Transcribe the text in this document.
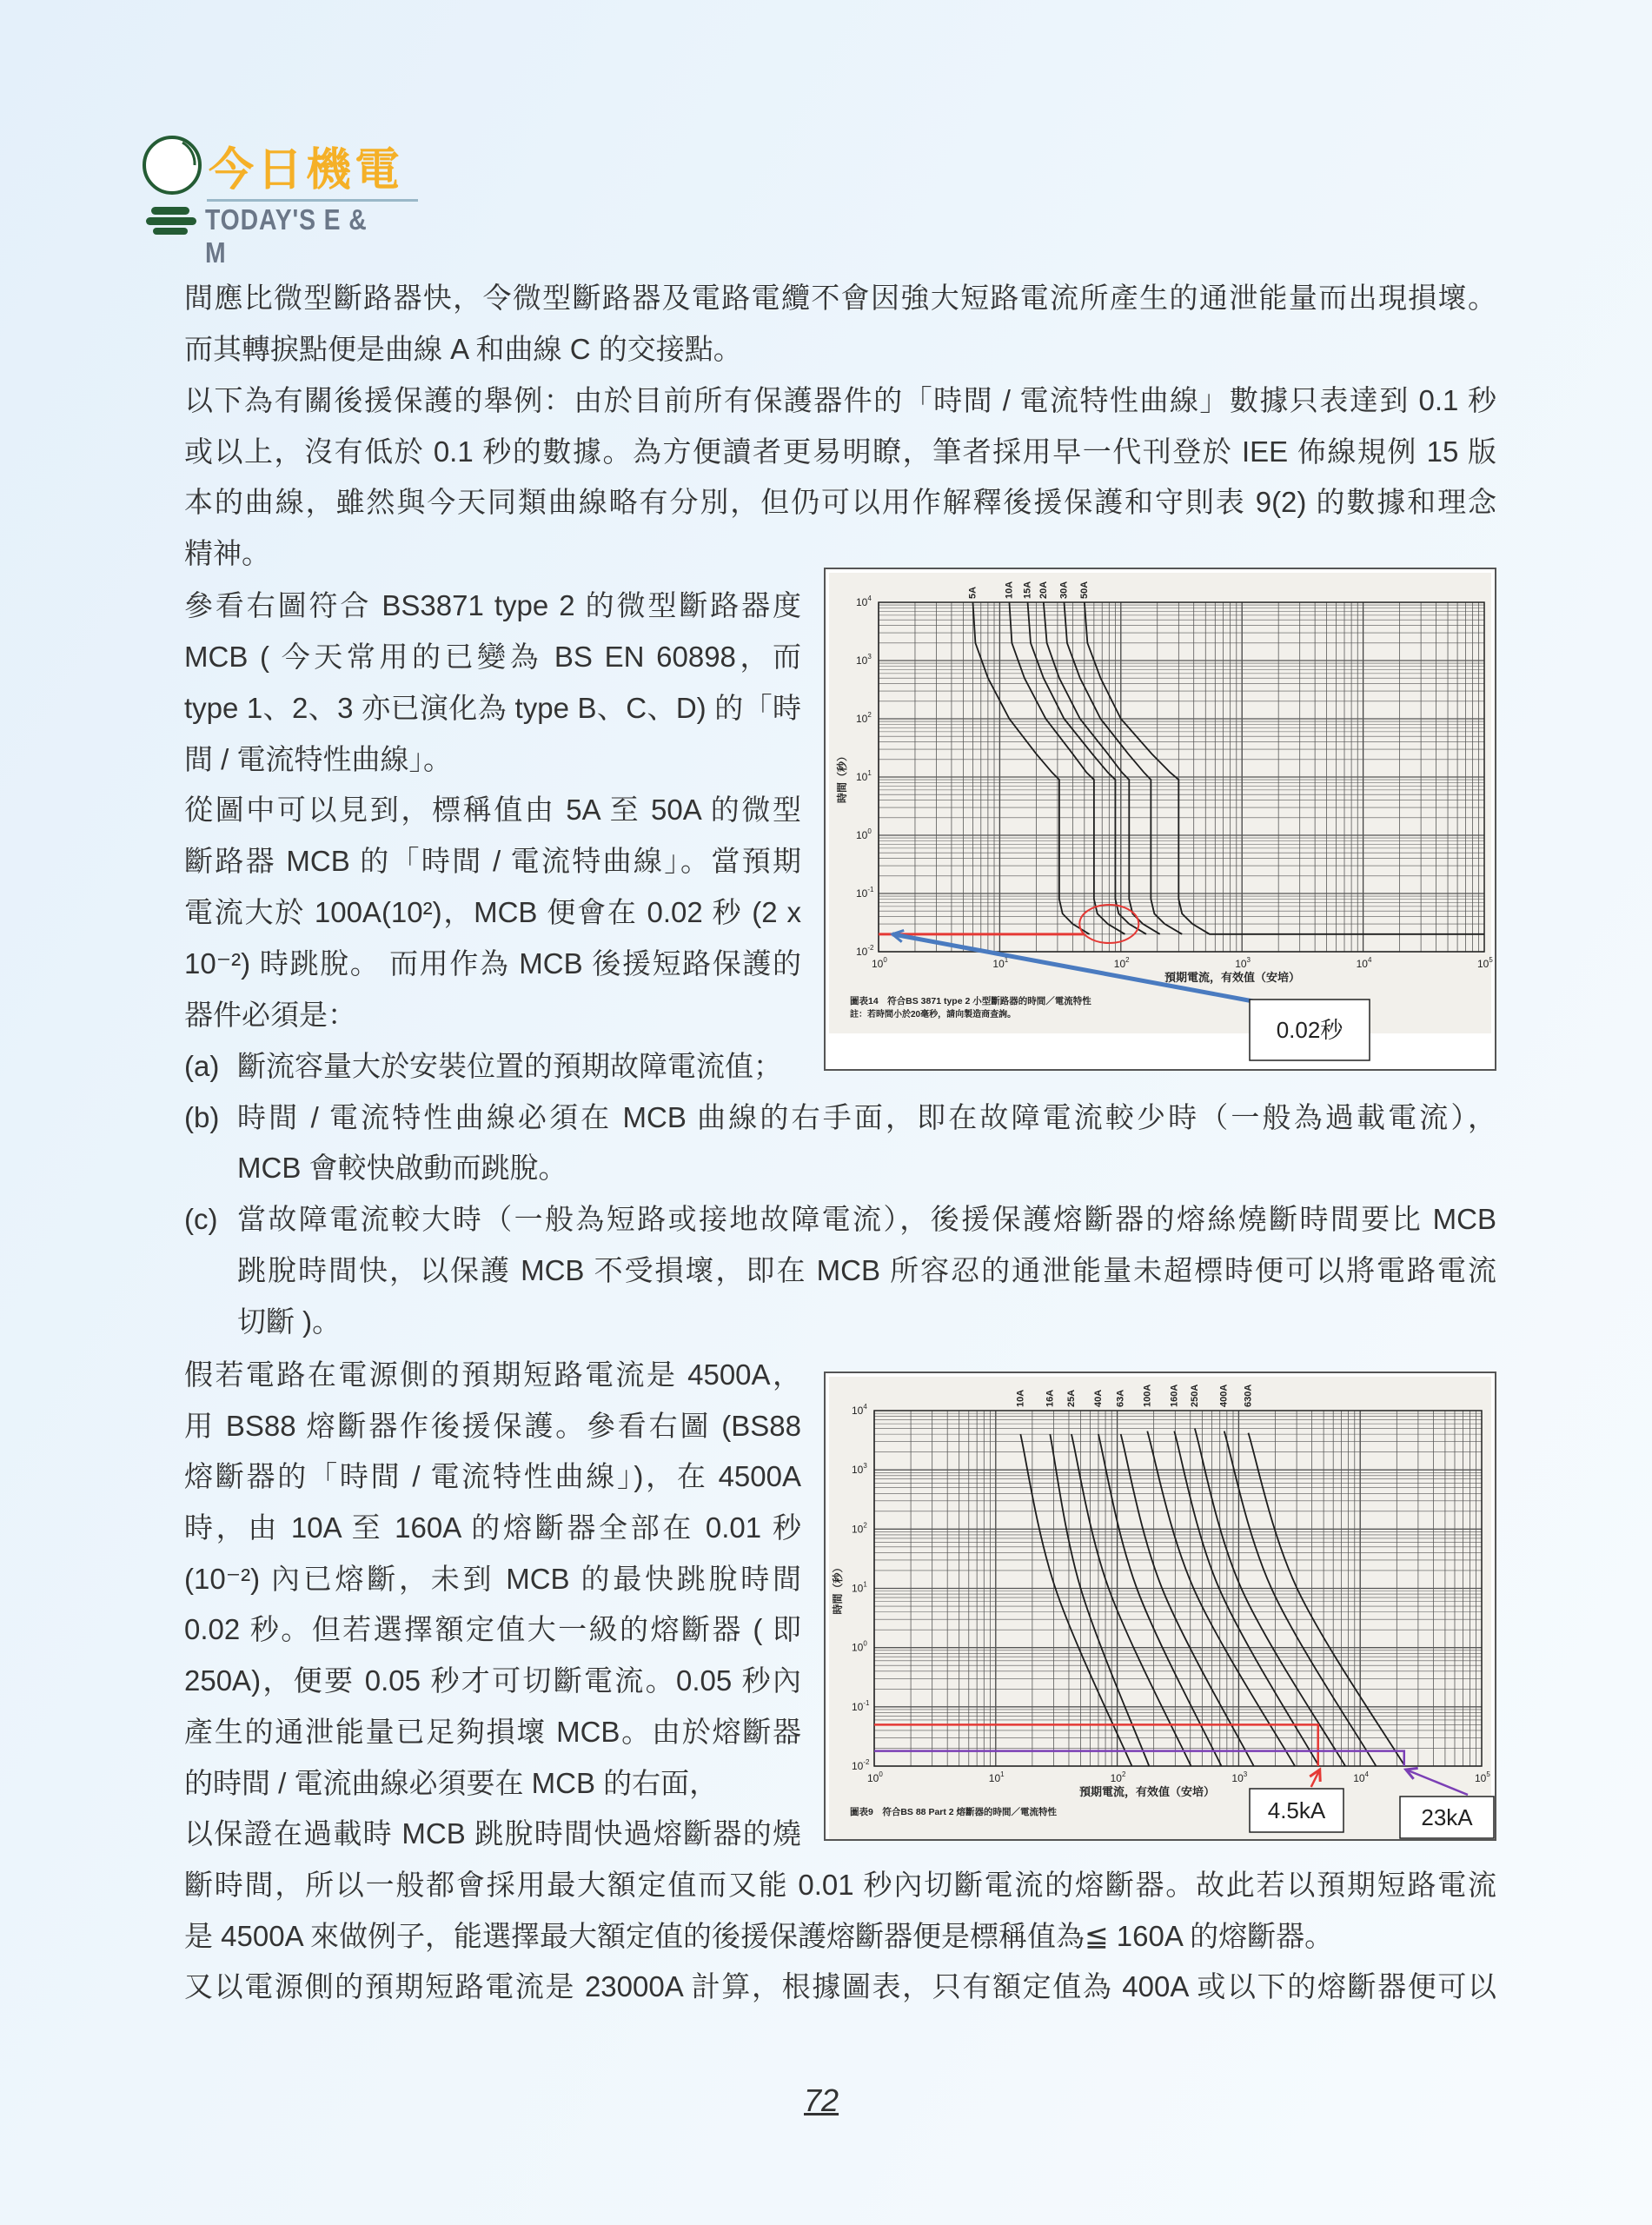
今日機電
TODAY'S E & M
間應比微型斷路器快，令微型斷路器及電路電纜不會因強大短路電流所產生的通泄能量而出現損壞。
而其轉捩點便是曲線 A 和曲線 C 的交接點。
以下為有關後援保護的舉例：由於目前所有保護器件的「時間 / 電流特性曲線」數據只表達到 0.1 秒
或以上，沒有低於 0.1 秒的數據。為方便讀者更易明瞭，筆者採用早一代刊登於 IEE 佈線規例 15 版
本的曲線，雖然與今天同類曲線略有分別，但仍可以用作解釋後援保護和守則表 9(2) 的數據和理念
精神。
參看右圖符合 BS3871 type 2 的微型斷路器度
MCB ( 今天常用的已變為 BS EN 60898，而
type 1、2、3 亦已演化為 type B、C、D) 的「時
間 / 電流特性曲線」。
從圖中可以見到，標稱值由 5A 至 50A 的微型
斷路器 MCB 的「時間 / 電流特曲線」。當預期
電流大於 100A(10²)，MCB 便會在 0.02 秒 (2 x
10⁻²) 時跳脫。 而用作為 MCB 後援短路保護的
器件必須是：
(a) 斷流容量大於安裝位置的預期故障電流值；
(b) 時間 / 電流特性曲線必須在 MCB 曲線的右手面，即在故障電流較少時（一般為過載電流），
MCB 會較快啟動而跳脫。
(c) 當故障電流較大時（一般為短路或接地故障電流），後援保護熔斷器的熔絲燒斷時間要比 MCB
跳脫時間快，以保護 MCB 不受損壞，即在 MCB 所容忍的通泄能量未超標時便可以將電路電流
切斷 )。
假若電路在電源側的預期短路電流是 4500A，
用 BS88 熔斷器作後援保護。參看右圖 (BS88
熔斷器的「時間 / 電流特性曲線」)，在 4500A
時，由 10A 至 160A 的熔斷器全部在 0.01 秒
(10⁻²) 內已熔斷，未到 MCB 的最快跳脫時間
0.02 秒。但若選擇額定值大一級的熔斷器 ( 即
250A)，便要 0.05 秒才可切斷電流。0.05 秒內
產生的通泄能量已足夠損壞 MCB。由於熔斷器
的時間 / 電流曲線必須要在 MCB 的右面，
以保證在過載時 MCB 跳脫時間快過熔斷器的燒
斷時間，所以一般都會採用最大額定值而又能 0.01 秒內切斷電流的熔斷器。故此若以預期短路電流
是 4500A 來做例子，能選擇最大額定值的後援保護熔斷器便是標稱值為≦ 160A 的熔斷器。
又以電源側的預期短路電流是 23000A 計算，根據圖表，只有額定值為 400A 或以下的熔斷器便可以
$10^0$	$10^1$	$10^2$	$10^3$	$10^4$	$10^5$
$10^{-2}$
$10^{-1}$
$10^0$
$10^1$
$10^2$
$10^3$
$10^4$
預期電流，有效值（安培）
時間（秒）
圖表14　符合BS 3871 type 2 小型斷路器的時間／電流特性
註：若時間小於20毫秒，請向製造商查詢。
5A	10A 15A 20A 30A 50A
0.02秒
$10^0$	$10^1$	$10^2$	$10^3$	$10^4$	$10^5$
$10^{-2}$
$10^{-1}$
$10^0$
$10^1$
$10^2$
$10^3$
$10^4$
預期電流，有效值（安培）
時間（秒）
圖表9　符合BS 88 Part 2 熔斷器的時間／電流特性
10A 16A 25A 40A 63A 100A 160A 250A 400A 630A
4.5kA	23kA
72
